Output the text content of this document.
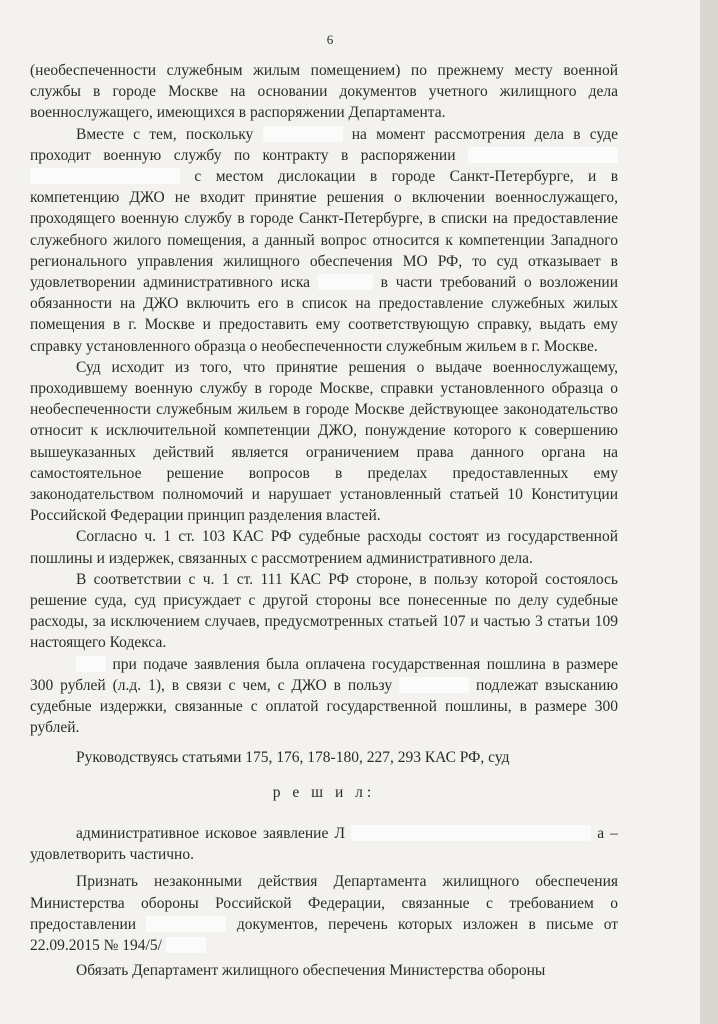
6

(необеспеченности служебным жилым помещением) по прежнему месту военной службы в городе Москве на основании документов учетного жилищного дела военнослужащего, имеющихся в распоряжении Департамента.

Вместе с тем, поскольку	на момент рассмотрения дела в суде проходит военную службу по контракту в распоряжении   с местом дислокации в городе Санкт-Петербурге, и в компетенцию ДЖО не входит принятие решения о включении военнослужащего, проходящего военную службу в городе Санкт-Петербурге, в списки на предоставление служебного жилого помещения, а данный вопрос относится к компетенции Западного регионального управления жилищного обеспечения МО РФ, то суд отказывает в удовлетворении административного иска	в части требований о возложении обязанности на ДЖО включить его в список на предоставление служебных жилых помещения в г. Москве и предоставить ему соответствующую справку, выдать ему справку установленного образца о необеспеченности служебным жильем в г. Москве.

Суд исходит из того, что принятие решения о выдаче военнослужащему, проходившему военную службу в городе Москве, справки установленного образца о необеспеченности служебным жильем в городе Москве действующее законодательство относит к исключительной компетенции ДЖО, понуждение которого к совершению вышеуказанных действий является ограничением права данного органа на самостоятельное решение вопросов в пределах предоставленных ему законодательством полномочий и нарушает установленный статьей 10 Конституции Российской Федерации принцип разделения властей.

Согласно ч. 1 ст. 103 КАС РФ судебные расходы состоят из государственной пошлины и издержек, связанных с рассмотрением административного дела.

В соответствии с ч. 1 ст. 111 КАС РФ стороне, в пользу которой состоялось решение суда, суд присуждает с другой стороны все понесенные по делу судебные расходы, за исключением случаев, предусмотренных статьей 107 и частью 3 статьи 109 настоящего Кодекса.

при подаче заявления была оплачена государственная пошлина в размере 300 рублей (л.д. 1), в связи с чем, с ДЖО в пользу	подлежат взысканию судебные издержки, связанные с оплатой государственной пошлины, в размере 300 рублей.

Руководствуясь статьями 175, 176, 178-180, 227, 293 КАС РФ, суд

р е ш и л:

административное исковое заявление Л	а – удовлетворить частично.

Признать незаконными действия Департамента жилищного обеспечения Министерства обороны Российской Федерации, связанные с требованием о предоставлении	документов, перечень которых изложен в письме от 22.09.2015 № 194/5/

Обязать Департамент жилищного обеспечения Министерства обороны
